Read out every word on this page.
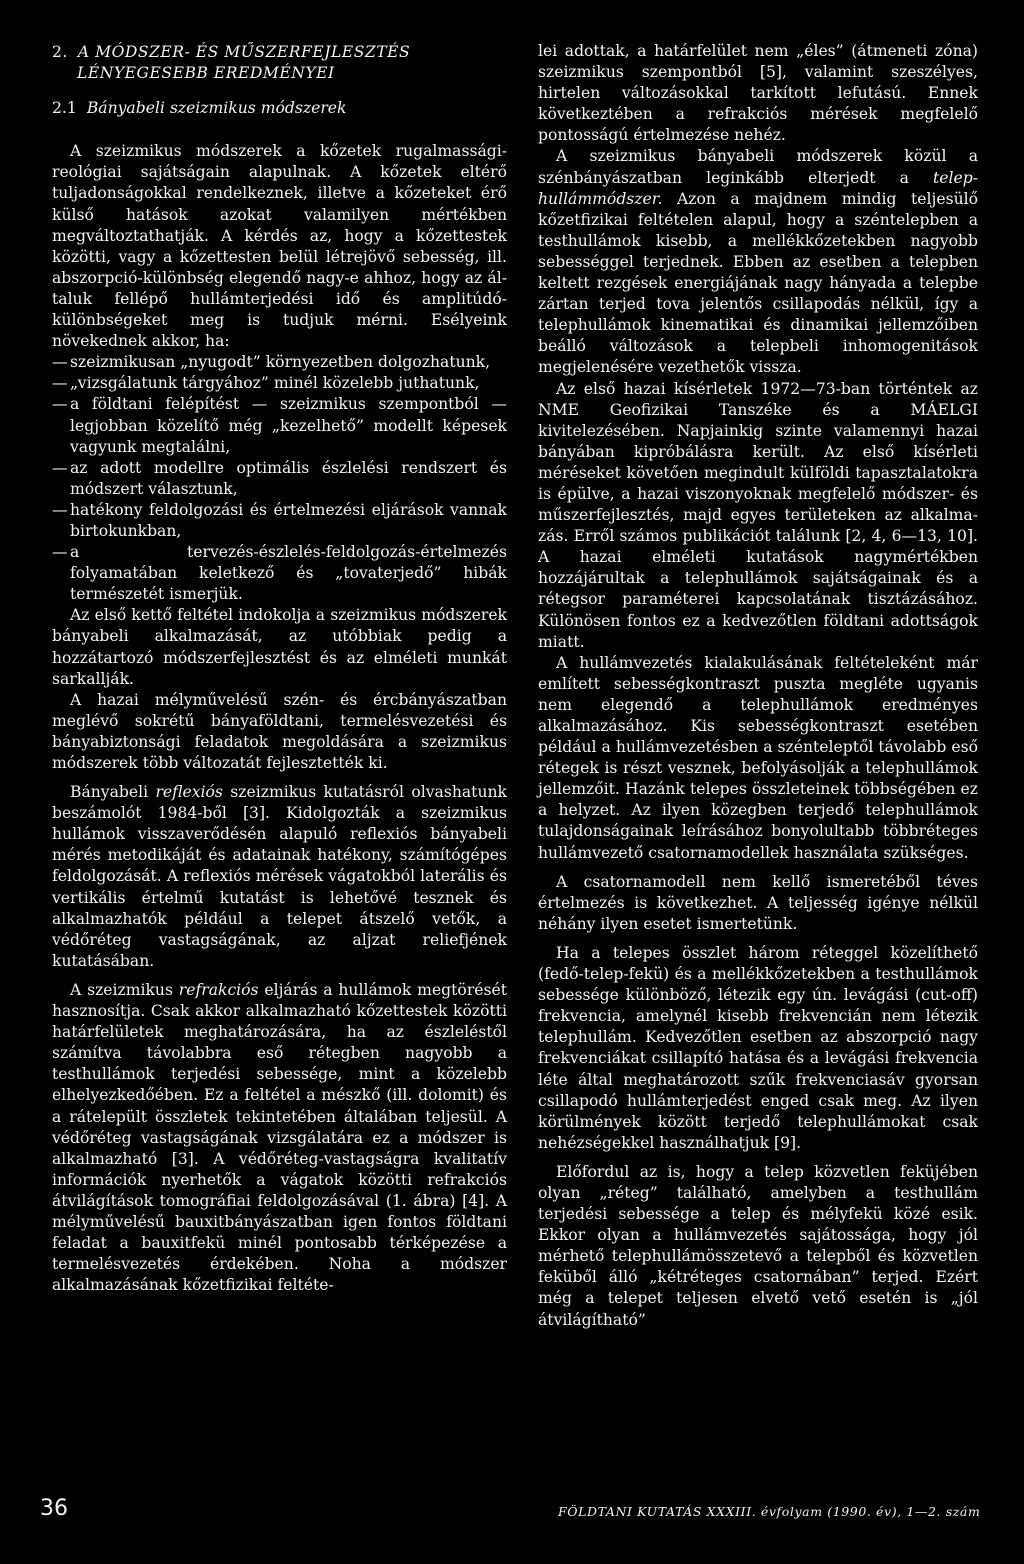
2. A MÓDSZER- ÉS MŰSZERFEJLESZTÉS
LÉNYEGESEBB EREDMÉNYEI
2.1 Bányabeli szeizmikus módszerek

A szeizmikus módszerek a kőzetek rugalmassági-reológiai sajátságain alapulnak. A kőzetek eltérő tuljadonságokkal rendelkeznek, illetve a kőzeteket érő külső hatások azokat valamilyen mértékben megváltoztathatják. A kérdés az, hogy a kőzettestek közötti, vagy a kőzettesten belül létrejövő sebesség, ill. abszorpció-különbség elegendő nagy-e ahhoz, hogy az általuk fellépő hullámterjedési idő és amplitúdókülönbségeket meg is tudjuk mérni. Esélyeink növekednek akkor, ha:

— szeizmikusan „nyugodt” környezetben dolgozhatunk,
— „vizsgálatunk tárgyához” minél közelebb juthatunk,
— a földtani felépítést — szeizmikus szempontból — legjobban közelítő még „kezelhető” modellt képesek vagyunk megtalálni,
— az adott modellre optimális észlelési rendszert és módszert választunk,
— hatékony feldolgozási és értelmezési eljárások vannak birtokunkban,
— a tervezés-észlelés-feldolgozás-értelmezés folyamatában keletkező és „tovaterjedő” hibák természetét ismerjük.

Az első kettő feltétel indokolja a szeizmikus módszerek bányabeli alkalmazását, az utóbbiak pedig a hozzátartozó módszerfejlesztést és az elméleti munkát sarkallják.

A hazai mélyművelésű szén- és ércbányászatban meglévő sokrétű bányaföldtani, termelésvezetési és bányabiztonsági feladatok megoldására a szeizmikus módszerek több változatát fejlesztették ki.

Bányabeli reflexiós szeizmikus kutatásról olvashatunk beszámolót 1984-ből [3]. Kidolgozták a szeizmikus hullámok visszaverődésén alapuló reflexiós bányabeli mérés metodikáját és adatainak hatékony, számítógépes feldolgozását. A reflexiós mérések vágatokból laterális és vertikális értelmű kutatást is lehetővé tesznek és alkalmazhatók például a telepet átszelő vetők, a védőréteg vastagságának, az aljzat reliefjének kutatásában.

A szeizmikus refrakciós eljárás a hullámok megtörését hasznosítja. Csak akkor alkalmazható kőzettestek közötti határfelületek meghatározására, ha az észleléstől számítva távolabbra eső rétegben nagyobb a testhullámok terjedési sebessége, mint a közelebb elhelyezkedőében. Ez a feltétel a mészkő (ill. dolomit) és a rátelepült összletek tekintetében általában teljesül. A védőréteg vastagságának vizsgálatára ez a módszer is alkalmazható [3]. A védőréteg-vastagságra kvalitatív információk nyerhetők a vágatok közötti refrakciós átvilágítások tomográfiai feldolgozásával (1. ábra) [4]. A mélyművelésű bauxitbányászatban igen fontos földtani feladat a bauxitfekü minél pontosabb térképezése a termelésvezetés érdekében. Noha a módszer alkalmazásának kőzetfizikai feltéte-

lei adottak, a határfelület nem „éles” (átmeneti zóna) szeizmikus szempontból [5], valamint szeszélyes, hirtelen változásokkal tarkított lefutású. Ennek következtében a refrakciós mérések megfelelő pontosságú értelmezése nehéz.

A szeizmikus bányabeli módszerek közül a szénbányászatban leginkább elterjedt a telephullámmódszer. Azon a majdnem mindig teljesülő kőzetfizikai feltételen alapul, hogy a széntelepben a testhullámok kisebb, a mellékkőzetekben nagyobb sebességgel terjednek. Ebben az esetben a telepben keltett rezgések energiájának nagy hányada a telepbe zártan terjed tova jelentős csillapodás nélkül, így a telephullámok kinematikai és dinamikai jellemzőiben beálló változások a telepbeli inhomogenitások megjelenésére vezethetők vissza.

Az első hazai kísérletek 1972—73-ban történtek az NME Geofizikai Tanszéke és a MÁELGI kivitelezésében. Napjainkig szinte valamennyi hazai bányában kipróbálásra került. Az első kísérleti méréseket követően megindult külföldi tapasztalatokra is épülve, a hazai viszonyoknak megfelelő módszer- és műszerfejlesztés, majd egyes területeken az alkalmazás. Erről számos publikációt találunk [2, 4, 6—13, 10]. A hazai elméleti kutatások nagymértékben hozzájárultak a telephullámok sajátságainak és a rétegsor paraméterei kapcsolatának tisztázásához. Különösen fontos ez a kedvezőtlen földtani adottságok miatt.

A hullámvezetés kialakulásának feltételeként már említett sebességkontraszt puszta megléte ugyanis nem elegendő a telephullámok eredményes alkalmazásához. Kis sebességkontraszt esetében például a hullámvezetésben a szénteleptől távolabb eső rétegek is részt vesznek, befolyásolják a telephullámok jellemzőit. Hazánk telepes összleteinek többségében ez a helyzet. Az ilyen közegben terjedő telephullámok tulajdonságainak leírásához bonyolultabb többréteges hullámvezető csatornamodellek használata szükséges.

A csatornamodell nem kellő ismeretéből téves értelmezés is következhet. A teljesség igénye nélkül néhány ilyen esetet ismertetünk.

Ha a telepes összlet három réteggel közelíthető (fedő-telep-fekü) és a mellékkőzetekben a testhullámok sebessége különböző, létezik egy ún. levágási (cut-off) frekvencia, amelynél kisebb frekvencián nem létezik telephullám. Kedvezőtlen esetben az abszorpció nagy frekvenciákat csillapító hatása és a levágási frekvencia léte által meghatározott szűk frekvenciasáv gyorsan csillapodó hullámterjedést enged csak meg. Az ilyen körülmények között terjedő telephullámokat csak nehézségekkel használhatjuk [9].

Előfordul az is, hogy a telep közvetlen feküjében olyan „réteg” található, amelyben a testhullám terjedési sebessége a telep és mélyfekü közé esik. Ekkor olyan a hullámvezetés sajátossága, hogy jól mérhető telephullámösszetevő a telepből és közvetlen feküből álló „kétréteges csatornában” terjed. Ezért még a telepet teljesen elvető vető esetén is „jól átvilágítható”

36	FÖLDTANI KUTATÁS XXXIII. évfolyam (1990. év), 1—2. szám
